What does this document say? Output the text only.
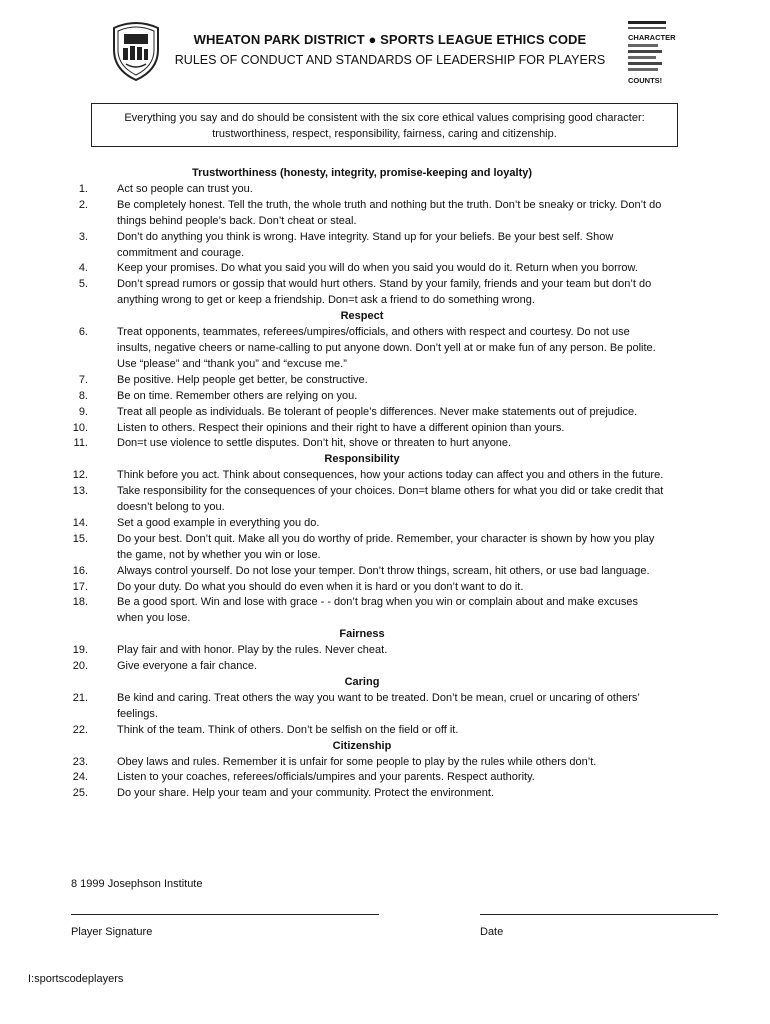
WHEATON PARK DISTRICT ● SPORTS LEAGUE ETHICS CODE
RULES OF CONDUCT AND STANDARDS OF LEADERSHIP FOR PLAYERS
CHARACTER
COUNTS!
Everything you say and do should be consistent with the six core ethical values comprising good character:
trustworthiness, respect, responsibility, fairness, caring and citizenship.
Trustworthiness (honesty, integrity, promise-keeping and loyalty)
1.	Act so people can trust you.
2.	Be completely honest. Tell the truth, the whole truth and nothing but the truth. Don’t be sneaky or tricky. Don’t do things behind people’s back. Don’t cheat or steal.
3.	Don’t do anything you think is wrong. Have integrity. Stand up for your beliefs. Be your best self. Show commitment and courage.
4.	Keep your promises. Do what you said you will do when you said you would do it. Return when you borrow.
5.	Don’t spread rumors or gossip that would hurt others. Stand by your family, friends and your team but don’t do anything wrong to get or keep a friendship. Don=t ask a friend to do something wrong.
Respect
6.	Treat opponents, teammates, referees/umpires/officials, and others with respect and courtesy. Do not use insults, negative cheers or name-calling to put anyone down. Don’t yell at or make fun of any person. Be polite. Use “please” and “thank you” and “excuse me.”
7.	Be positive. Help people get better, be constructive.
8.	Be on time. Remember others are relying on you.
9.	Treat all people as individuals. Be tolerant of people’s differences. Never make statements out of prejudice.
10.	Listen to others. Respect their opinions and their right to have a different opinion than yours.
11.	Don=t use violence to settle disputes. Don’t hit, shove or threaten to hurt anyone.
Responsibility
12.	Think before you act. Think about consequences, how your actions today can affect you and others in the future.
13.	Take responsibility for the consequences of your choices. Don=t blame others for what you did or take credit that doesn’t belong to you.
14.	Set a good example in everything you do.
15.	Do your best. Don’t quit. Make all you do worthy of pride. Remember, your character is shown by how you play the game, not by whether you win or lose.
16.	Always control yourself. Do not lose your temper. Don’t throw things, scream, hit others, or use bad language.
17.	Do your duty. Do what you should do even when it is hard or you don’t want to do it.
18.	Be a good sport. Win and lose with grace - - don’t brag when you win or complain about and make excuses when you lose.
Fairness
19.	Play fair and with honor. Play by the rules. Never cheat.
20.	Give everyone a fair chance.
Caring
21.	Be kind and caring. Treat others the way you want to be treated. Don’t be mean, cruel or uncaring of others’ feelings.
22.	Think of the team. Think of others. Don’t be selfish on the field or off it.
Citizenship
23.	Obey laws and rules. Remember it is unfair for some people to play by the rules while others don’t.
24.	Listen to your coaches, referees/officials/umpires and your parents. Respect authority.
25.	Do your share. Help your team and your community. Protect the environment.
8 1999 Josephson Institute
Player Signature	Date
I:sportscodeplayers
